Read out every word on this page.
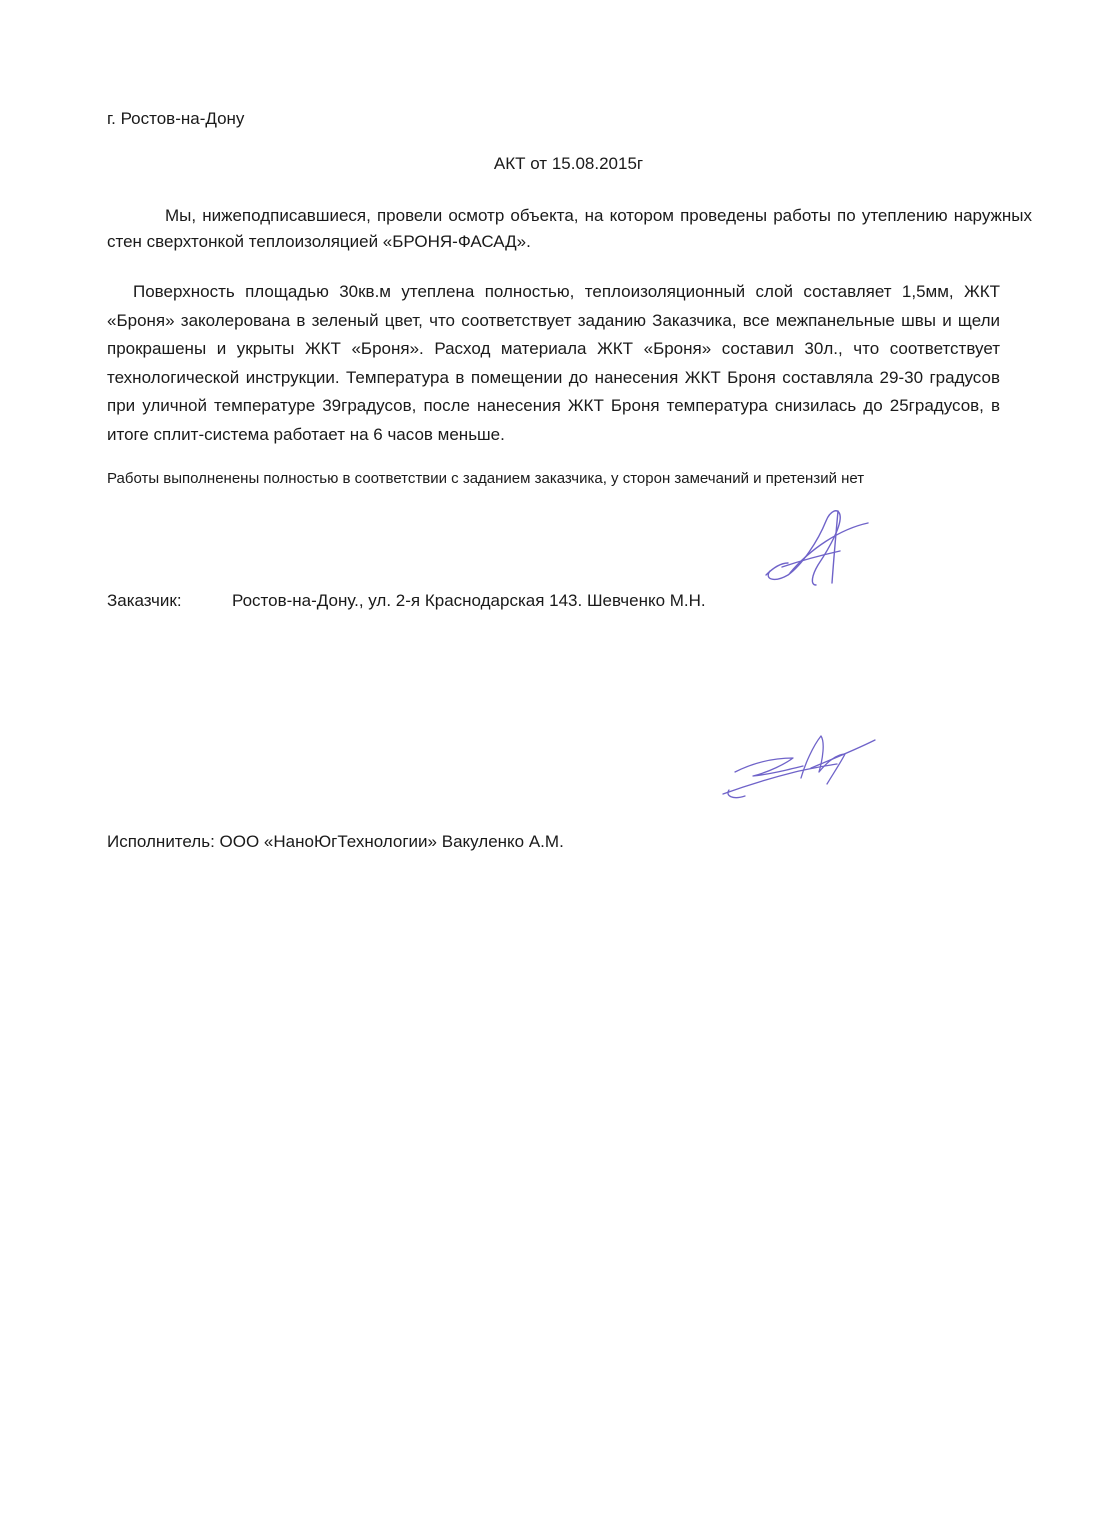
г. Ростов-на-Дону
АКТ от 15.08.2015г
Мы, нижеподписавшиеся, провели осмотр объекта, на котором проведены работы по утеплению наружных стен сверхтонкой теплоизоляцией «БРОНЯ-ФАСАД».
Поверхность площадью 30кв.м утеплена полностью, теплоизоляционный слой составляет 1,5мм, ЖКТ «Броня» заколерована в зеленый цвет, что соответствует заданию Заказчика, все межпанельные швы и щели прокрашены и укрыты ЖКТ «Броня». Расход материала ЖКТ «Броня» составил 30л., что соответствует технологической инструкции. Температура в помещении до нанесения ЖКТ Броня составляла 29-30 градусов при уличной температуре 39градусов, после нанесения ЖКТ Броня температура снизилась до 25градусов, в итоге сплит-система работает на 6 часов меньше.
Работы выполненены полностью в соответствии с заданием заказчика, у сторон замечаний и претензий нет
Заказчик:	Ростов-на-Дону., ул. 2-я Краснодарская 143. Шевченко М.Н.
Исполнитель: ООО «НаноЮгТехнологии» Вакуленко А.М.
